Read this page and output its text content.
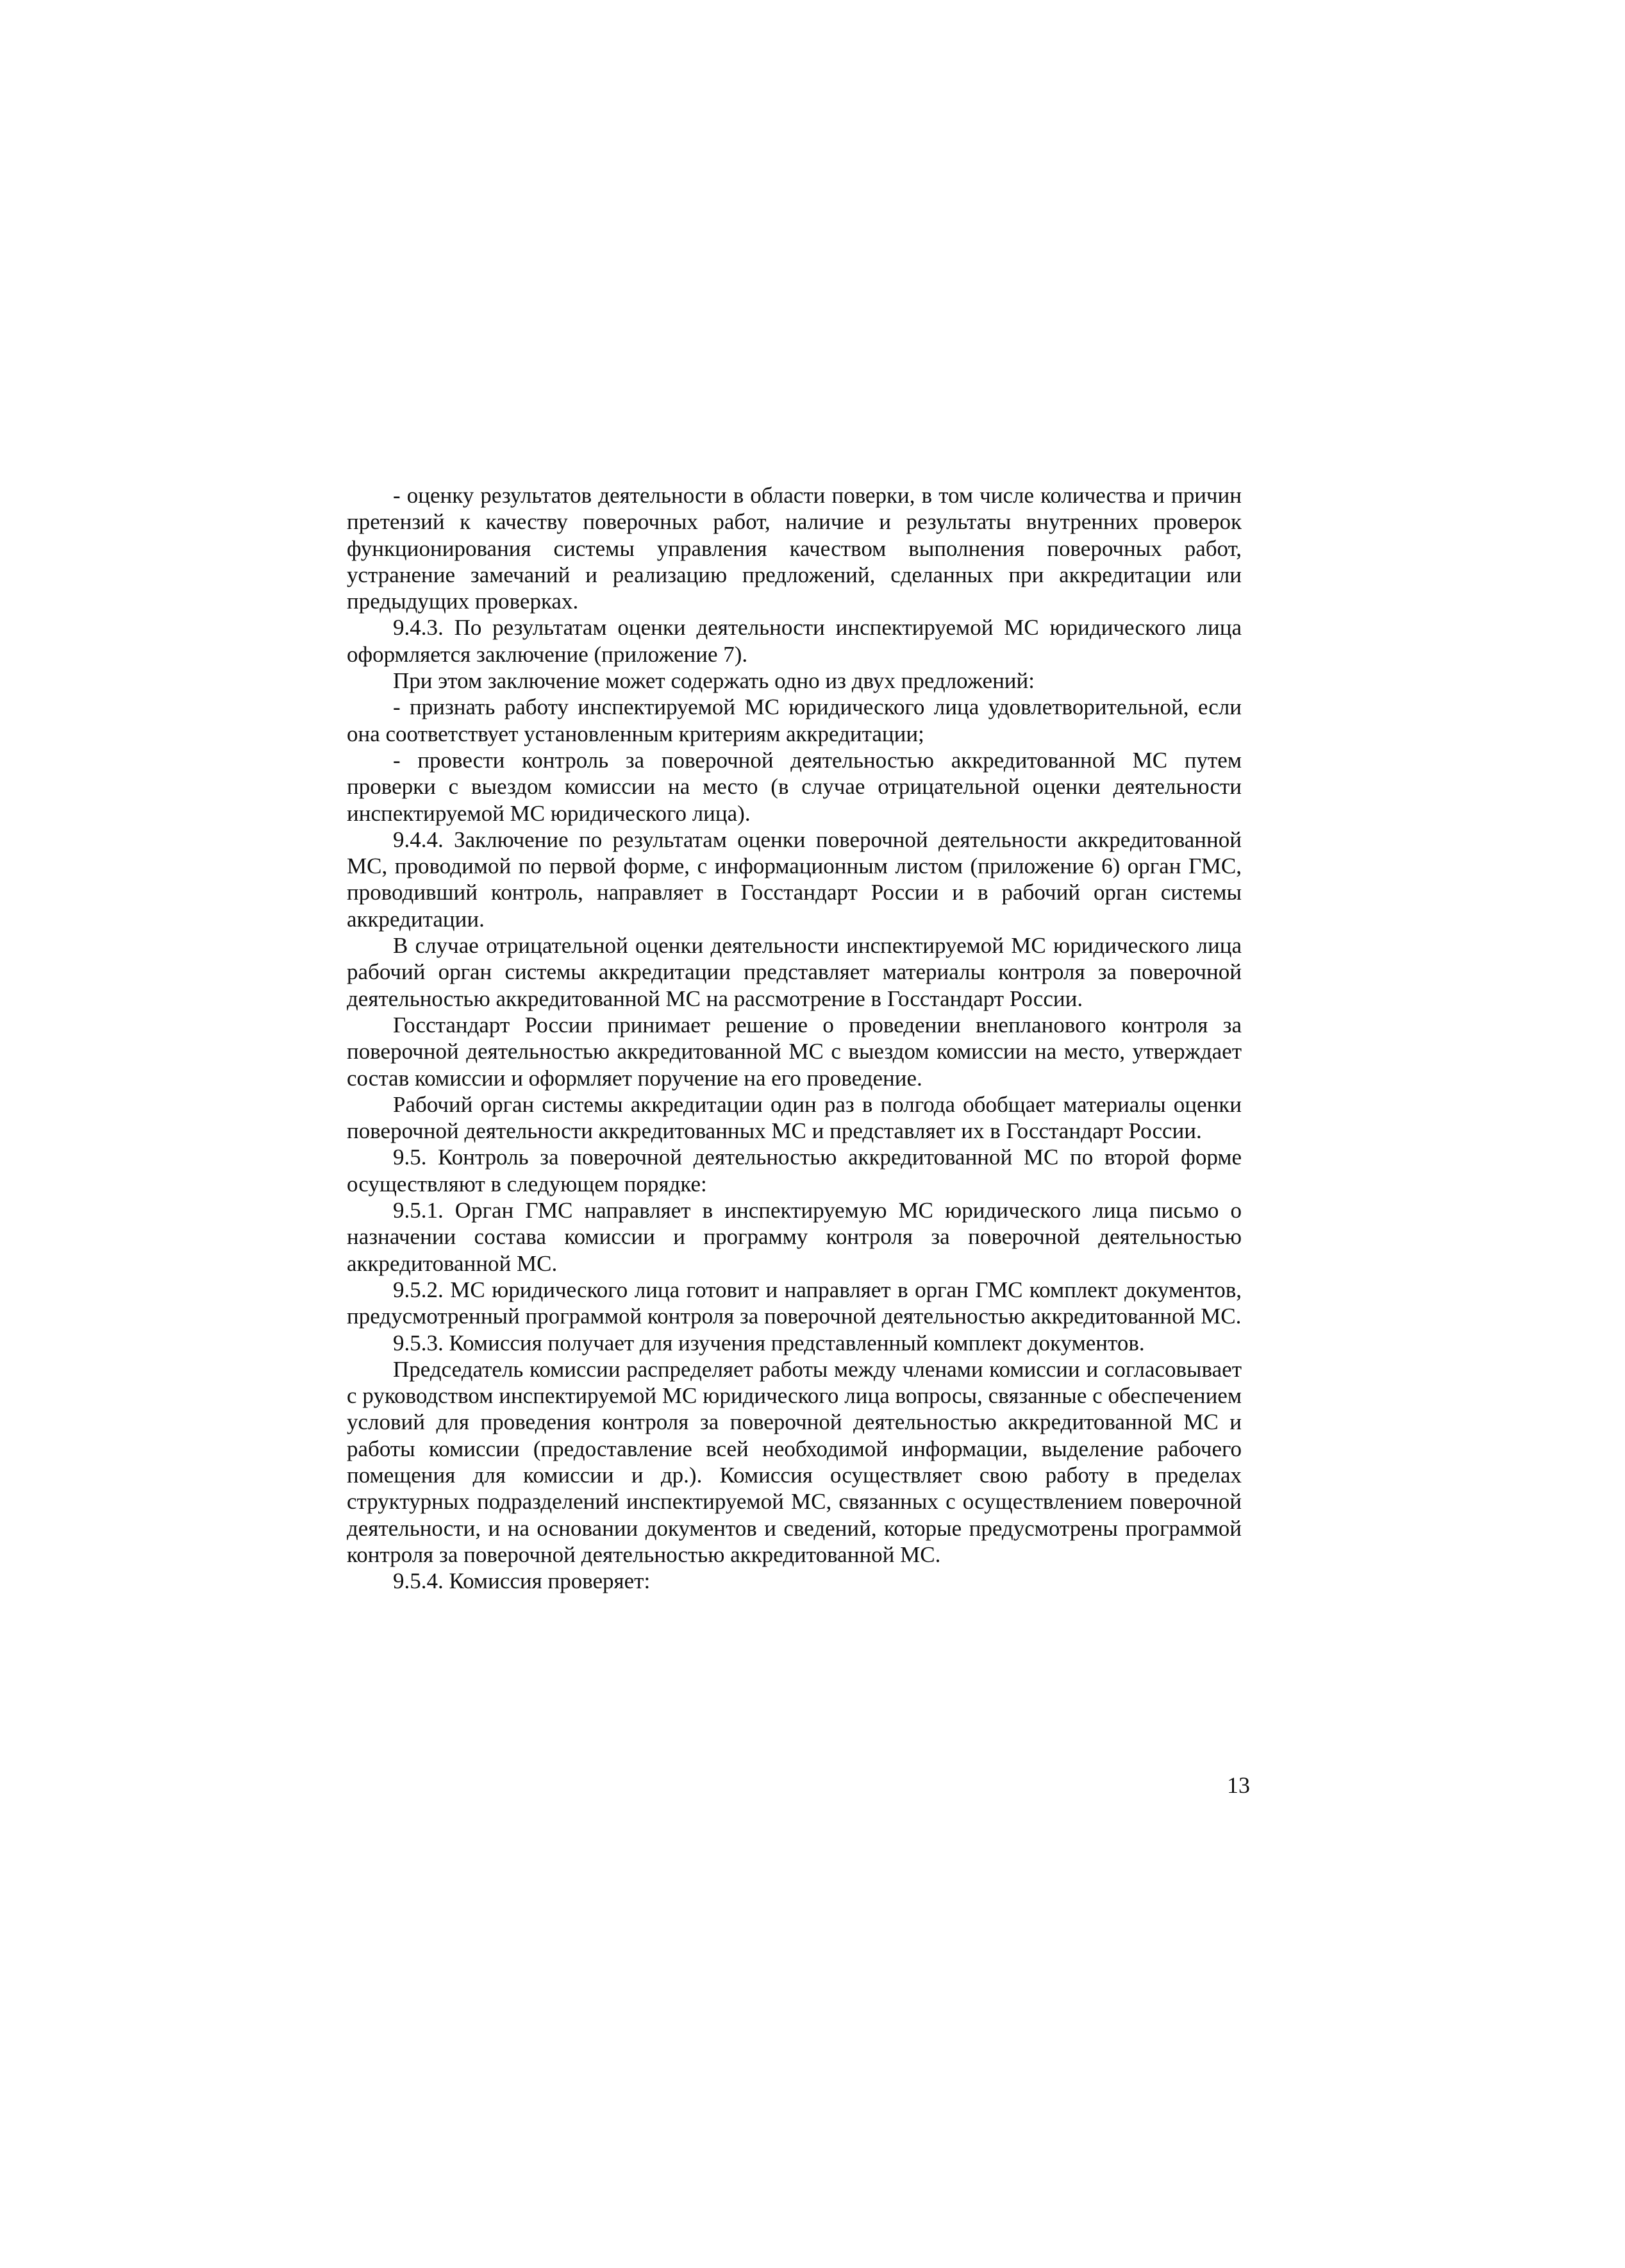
- оценку результатов деятельности в области поверки, в том числе количества и причин претензий к качеству поверочных работ, наличие и результаты внутренних проверок функционирования системы управления качеством выполнения поверочных работ, устранение замечаний и реализацию предложений, сделанных при аккредитации или предыдущих проверках.

9.4.3. По результатам оценки деятельности инспектируемой МС юридического лица оформляется заключение (приложение 7).

При этом заключение может содержать одно из двух предложений:

- признать работу инспектируемой МС юридического лица удовлетворительной, если она соответствует установленным критериям аккредитации;

- провести контроль за поверочной деятельностью аккредитованной МС путем проверки с выездом комиссии на место (в случае отрицательной оценки деятельности инспектируемой МС юридического лица).

9.4.4. Заключение по результатам оценки поверочной деятельности аккредитованной МС, проводимой по первой форме, с информационным листом (приложение 6) орган ГМС, проводивший контроль, направляет в Госстандарт России и в рабочий орган системы аккредитации.

В случае отрицательной оценки деятельности инспектируемой МС юридического лица рабочий орган системы аккредитации представляет материалы контроля за поверочной деятельностью аккредитованной МС на рассмотрение в Госстандарт России.

Госстандарт России принимает решение о проведении внепланового контроля за поверочной деятельностью аккредитованной МС с выездом комиссии на место, утверждает состав комиссии и оформляет поручение на его проведение.

Рабочий орган системы аккредитации один раз в полгода обобщает материалы оценки поверочной деятельности аккредитованных МС и представляет их в Госстандарт России.

9.5. Контроль за поверочной деятельностью аккредитованной МС по второй форме осуществляют в следующем порядке:

9.5.1. Орган ГМС направляет в инспектируемую МС юридического лица письмо о назначении состава комиссии и программу контроля за поверочной деятельностью аккредитованной МС.

9.5.2. МС юридического лица готовит и направляет в орган ГМС комплект документов, предусмотренный программой контроля за поверочной деятельностью аккредитованной МС.

9.5.3. Комиссия получает для изучения представленный комплект документов.

Председатель комиссии распределяет работы между членами комиссии и согласовывает с руководством инспектируемой МС юридического лица вопросы, связанные с обеспечением условий для проведения контроля за поверочной деятельностью аккредитованной МС и работы комиссии (предоставление всей необходимой информации, выделение рабочего помещения для комиссии и др.). Комиссия осуществляет свою работу в пределах структурных подразделений инспектируемой МС, связанных с осуществлением поверочной деятельности, и на основании документов и сведений, которые предусмотрены программой контроля за поверочной деятельностью аккредитованной МС.

9.5.4. Комиссия проверяет:

13
